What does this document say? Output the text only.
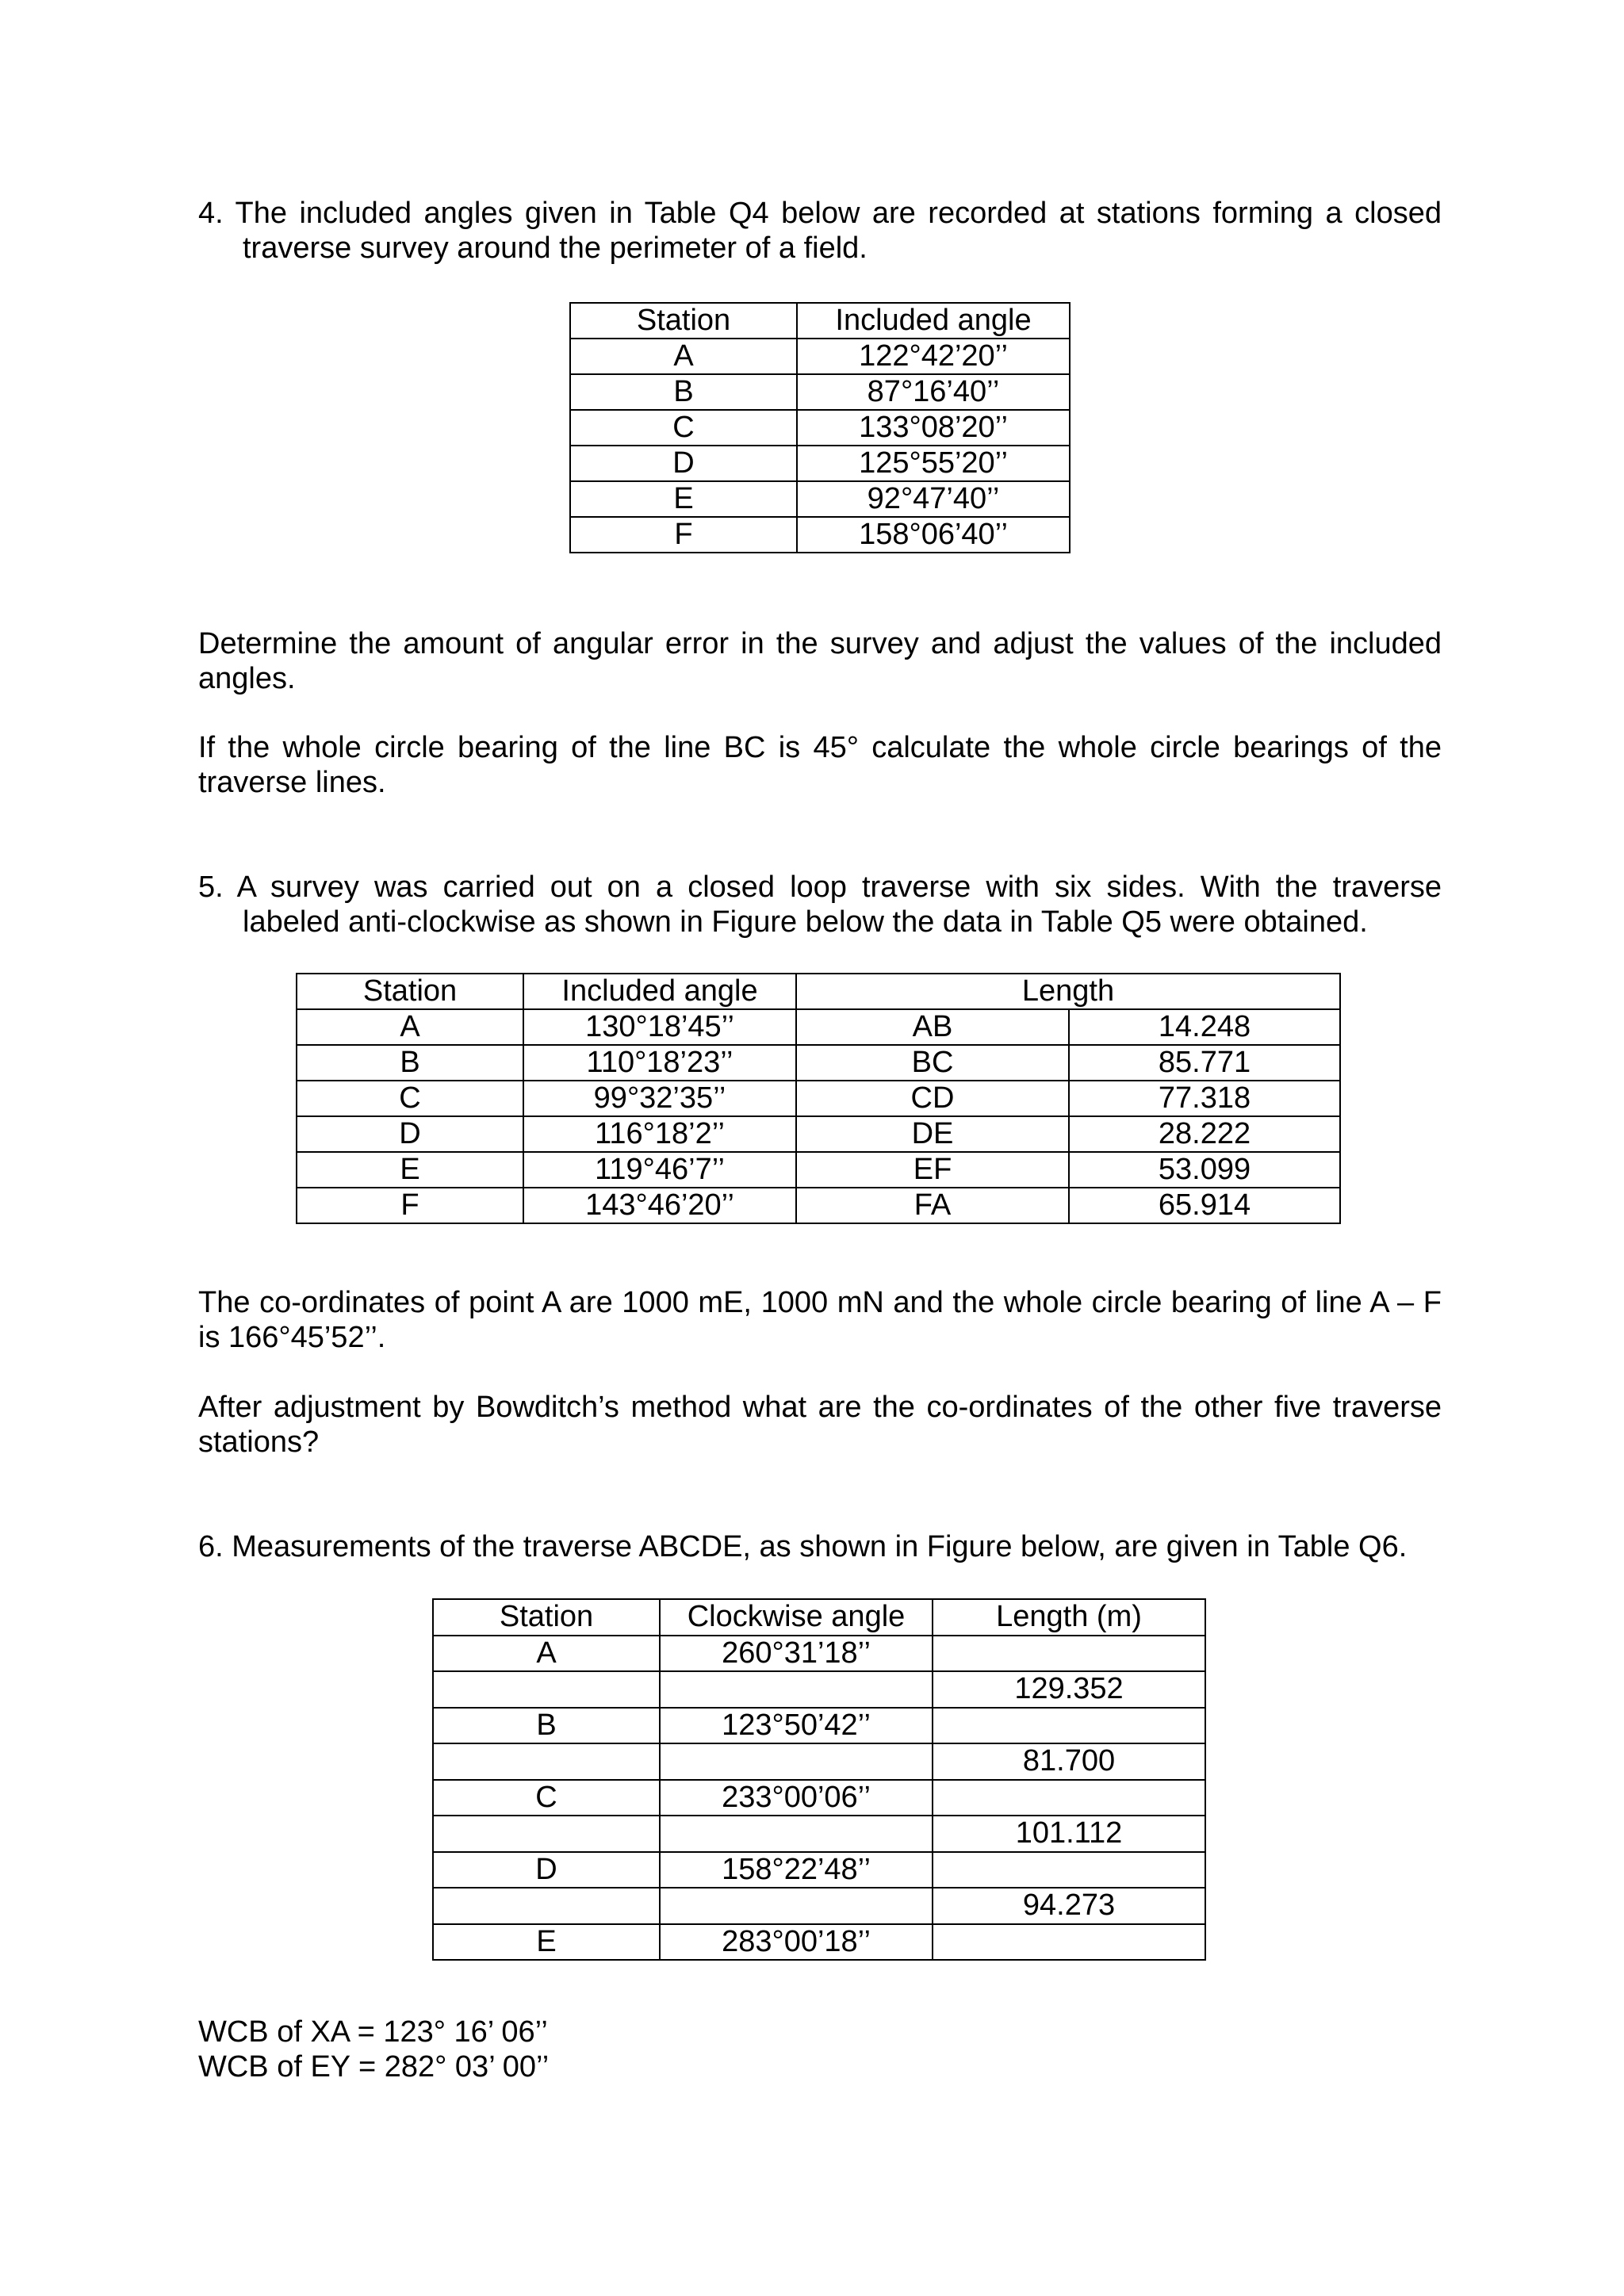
4. The included angles given in Table Q4 below are recorded at stations forming a closed

traverse survey around the perimeter of a field.

Station	Included angle
A	122°42’20’’
B	87°16’40’’
C	133°08’20’’
D	125°55’20’’
E	92°47’40’’
F	158°06’40’’

Determine the amount of angular error in the survey and adjust the values of the included angles.

If the whole circle bearing of the line BC is 45° calculate the whole circle bearings of the traverse lines.

5. A survey was carried out on a closed loop traverse with six sides. With the traverse

labeled anti-clockwise as shown in Figure below the data in Table Q5 were obtained.

Station	Included angle	Length	
A	130°18’45’’	AB	14.248
B	110°18’23’’	BC	85.771
C	99°32’35’’	CD	77.318
D	116°18’2’’	DE	28.222
E	119°46’7’’	EF	53.099
F	143°46’20’’	FA	65.914

The co-ordinates of point A are 1000 mE, 1000 mN and the whole circle bearing of line A – F is 166°45’52’’.

After adjustment by Bowditch’s method what are the co-ordinates of the other five traverse stations?

6. Measurements of the traverse ABCDE, as shown in Figure below, are given in Table Q6.

Station	Clockwise angle	Length (m)
A	260°31’18’’	
		129.352
B	123°50’42’’	
		81.700
C	233°00’06’’	
		101.112
D	158°22’48’’	
		94.273
E	283°00’18’’	

WCB of XA = 123° 16’ 06’’

WCB of EY = 282° 03’ 00’’
